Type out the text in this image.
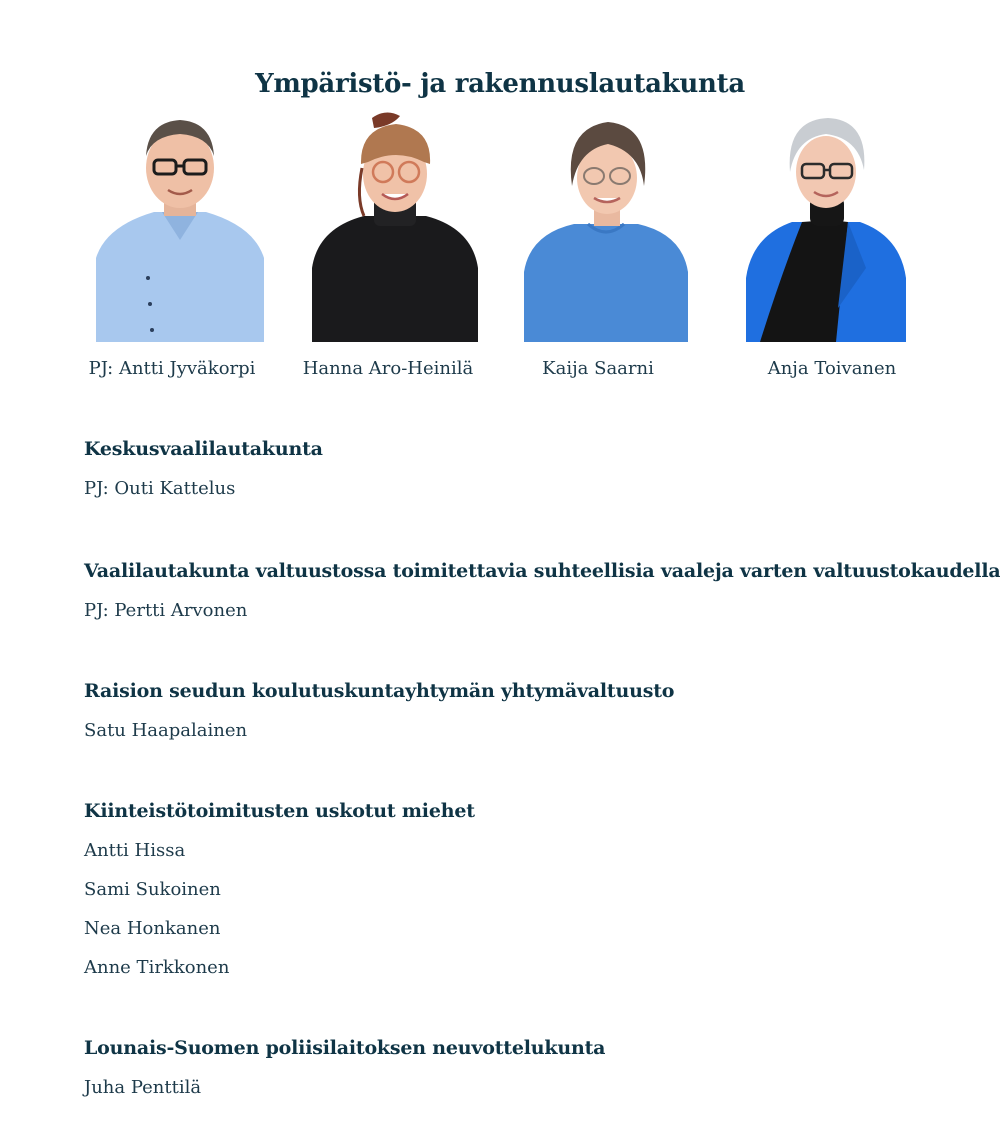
Ympäristö- ja rakennuslautakunta
PJ: Antti Jyväkorpi	Hanna Aro-Heinilä	Kaija Saarni	Anja Toivanen
Keskusvaalilautakunta
PJ: Outi Kattelus
Vaalilautakunta valtuustossa toimitettavia suhteellisia vaaleja varten valtuustokaudella
PJ: Pertti Arvonen
Raision seudun koulutuskuntayhtymän yhtymävaltuusto
Satu Haapalainen
Kiinteistötoimitusten uskotut miehet
Antti Hissa
Sami Sukoinen
Nea Honkanen
Anne Tirkkonen
Lounais-Suomen poliisilaitoksen neuvottelukunta
Juha Penttilä
